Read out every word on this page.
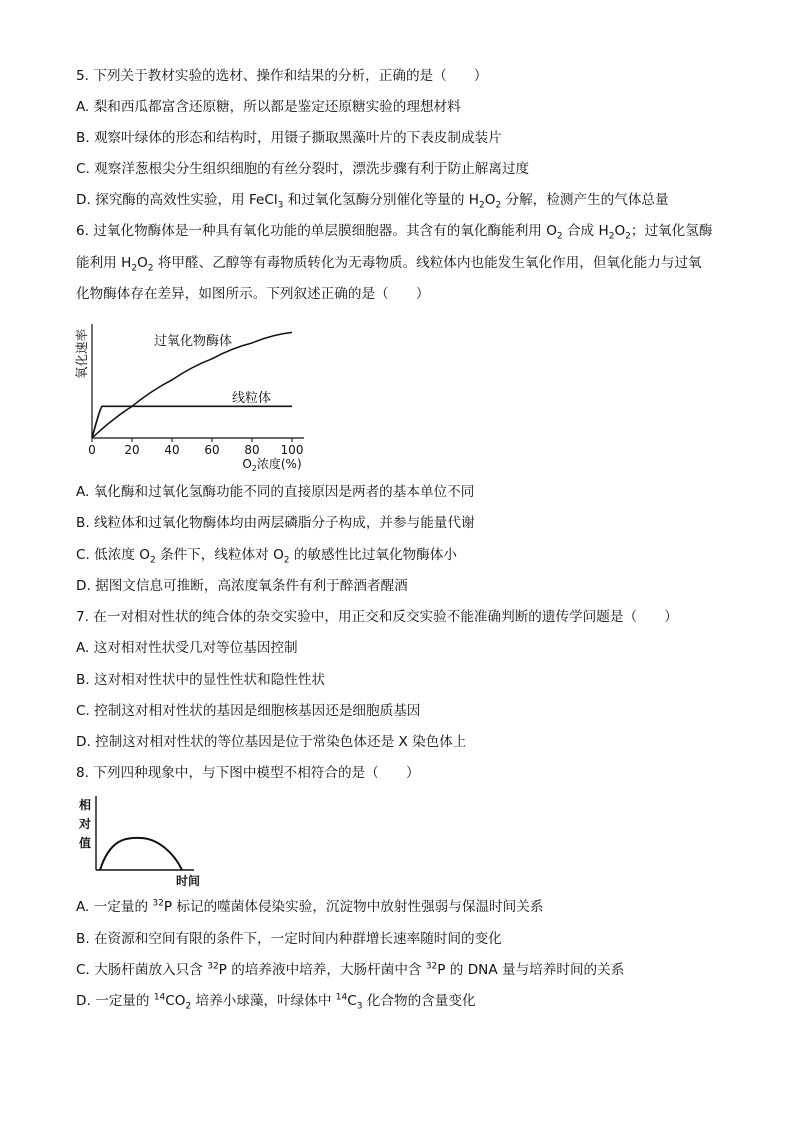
5. 下列关于教材实验的选材、操作和结果的分析，正确的是（　　）
A. 梨和西瓜都富含还原糖，所以都是鉴定还原糖实验的理想材料
B. 观察叶绿体的形态和结构时，用镊子撕取黑藻叶片的下表皮制成装片
C. 观察洋葱根尖分生组织细胞的有丝分裂时，漂洗步骤有利于防止解离过度
D. 探究酶的高效性实验，用 FeCl$_3$ 和过氧化氢酶分别催化等量的 $H_2O_2$ 分解，检测产生的气体总量
6. 过氧化物酶体是一种具有氧化功能的单层膜细胞器。其含有的氧化酶能利用 $O_2$ 合成 $H_2O_2$；过氧化氢酶
能利用 $H_2O_2$ 将甲醛、乙醇等有毒物质转化为无毒物质。线粒体内也能发生氧化作用，但氧化能力与过氧
化物酶体存在差异，如图所示。下列叙述正确的是（　　）
氧化速率
0 20 40 60 80 100
过氧化物酶体
线粒体
$O_2$浓度(%)
A. 氧化酶和过氧化氢酶功能不同的直接原因是两者的基本单位不同
B. 线粒体和过氧化物酶体均由两层磷脂分子构成，并参与能量代谢
C. 低浓度 $O_2$ 条件下，线粒体对 $O_2$ 的敏感性比过氧化物酶体小
D. 据图文信息可推断，高浓度氧条件有利于醉酒者醒酒
7. 在一对相对性状的纯合体的杂交实验中，用正交和反交实验不能准确判断的遗传学问题是（　　）
A. 这对相对性状受几对等位基因控制
B. 这对相对性状中的显性性状和隐性性状
C. 控制这对相对性状的基因是细胞核基因还是细胞质基因
D. 控制这对相对性状的等位基因是位于常染色体还是 X 染色体上
8. 下列四种现象中，与下图中模型不相符合的是（　　）
相
对
值
时间
A. 一定量的 $^{32}$P 标记的噬菌体侵染实验，沉淀物中放射性强弱与保温时间关系
B. 在资源和空间有限的条件下，一定时间内种群增长速率随时间的变化
C. 大肠杆菌放入只含 $^{32}$P 的培养液中培养，大肠杆菌中含 $^{32}$P 的 DNA 量与培养时间的关系
D. 一定量的 $^{14}CO_2$ 培养小球藻，叶绿体中 $^{14}C_3$ 化合物的含量变化
